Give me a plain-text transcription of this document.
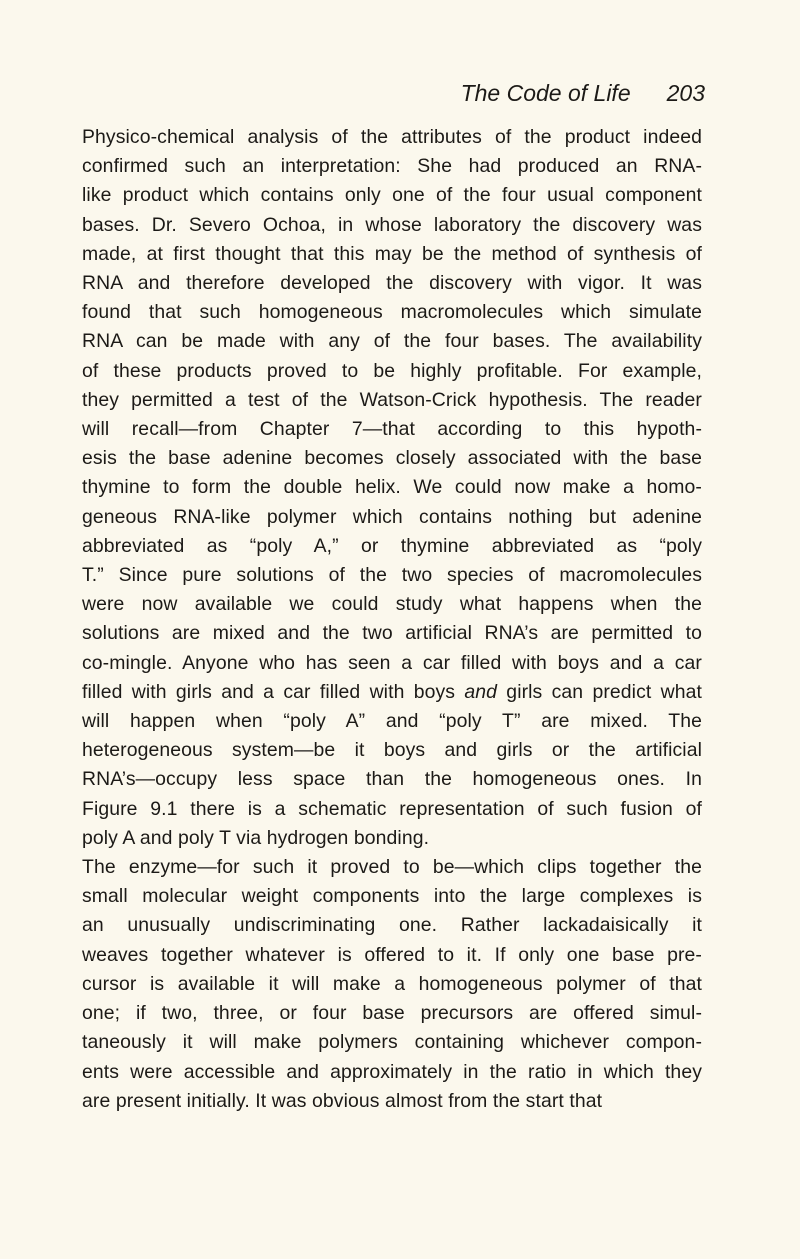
The Code of Life 203
Physico-chemical analysis of the attributes of the product indeed
confirmed such an interpretation: She had produced an RNA-
like product which contains only one of the four usual component
bases. Dr. Severo Ochoa, in whose laboratory the discovery was
made, at first thought that this may be the method of synthesis of
RNA and therefore developed the discovery with vigor. It was
found that such homogeneous macromolecules which simulate
RNA can be made with any of the four bases. The availability
of these products proved to be highly profitable. For example,
they permitted a test of the Watson-Crick hypothesis. The reader
will recall—from Chapter 7—that according to this hypoth-
esis the base adenine becomes closely associated with the base
thymine to form the double helix. We could now make a homo-
geneous RNA-like polymer which contains nothing but adenine
abbreviated as “poly A,” or thymine abbreviated as “poly
T.” Since pure solutions of the two species of macromolecules
were now available we could study what happens when the
solutions are mixed and the two artificial RNA’s are permitted to
co-mingle. Anyone who has seen a car filled with boys and a car
filled with girls and a car filled with boys and girls can predict what
will happen when “poly A” and “poly T” are mixed. The
heterogeneous system—be it boys and girls or the artificial
RNA’s—occupy less space than the homogeneous ones. In
Figure 9.1 there is a schematic representation of such fusion of
poly A and poly T via hydrogen bonding.
The enzyme—for such it proved to be—which clips together the
small molecular weight components into the large complexes is
an unusually undiscriminating one. Rather lackadaisically it
weaves together whatever is offered to it. If only one base pre-
cursor is available it will make a homogeneous polymer of that
one; if two, three, or four base precursors are offered simul-
taneously it will make polymers containing whichever compon-
ents were accessible and approximately in the ratio in which they
are present initially. It was obvious almost from the start that
